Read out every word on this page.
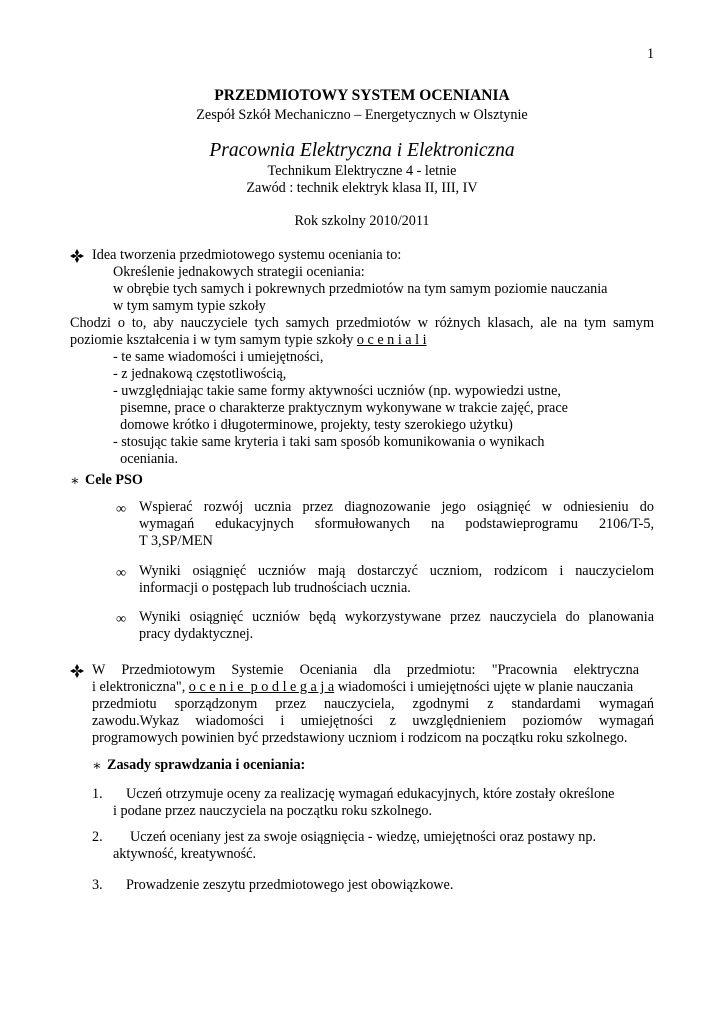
1
PRZEDMIOTOWY SYSTEM OCENIANIA
Zespół Szkół Mechaniczno – Energetycznych w Olsztynie
Pracownia Elektryczna i Elektroniczna
Technikum Elektryczne 4 - letnie
Zawód : technik elektryk klasa II, III, IV
Rok szkolny 2010/2011
Idea tworzenia przedmiotowego systemu oceniania to:
Określenie jednakowych strategii oceniania:
w obrębie tych samych i pokrewnych przedmiotów na tym samym poziomie nauczania
w tym samym typie szkoły
Chodzi o to, aby nauczyciele tych samych przedmiotów w różnych klasach, ale na tym samym
poziomie kształcenia i w tym samym typie szkoły o c e n i a l i
- te same wiadomości i umiejętności,
- z jednakową częstotliwością,
- uwzględniając takie same formy aktywności uczniów (np. wypowiedzi ustne,
pisemne, prace o charakterze praktycznym wykonywane w trakcie zajęć, prace
domowe krótko i długoterminowe, projekty, testy szerokiego użytku)
- stosując takie same kryteria i taki sam sposób komunikowania o wynikach
oceniania.
∗ Cele PSO
∞ Wspierać rozwój ucznia przez diagnozowanie jego osiągnięć w odniesieniu do
wymagań edukacyjnych sformułowanych na podstawieprogramu 2106/T-5,
T 3,SP/MEN
∞ Wyniki osiągnięć uczniów mają dostarczyć uczniom, rodzicom i nauczycielom
informacji o postępach lub trudnościach ucznia.
∞ Wyniki osiągnięć uczniów będą wykorzystywane przez nauczyciela do planowania
pracy dydaktycznej.
W Przedmiotowym Systemie Oceniania dla przedmiotu: "Pracownia elektryczna
i elektroniczna", o c e n i e  p o d l e g a j a wiadomości i umiejętności ujęte w planie nauczania
przedmiotu sporządzonym przez nauczyciela, zgodnymi z standardami wymagań
zawodu.Wykaz wiadomości i umiejętności z uwzględnieniem poziomów wymagań
programowych powinien być przedstawiony uczniom i rodzicom na początku roku szkolnego.
∗ Zasady sprawdzania i oceniania:
1. Uczeń otrzymuje oceny za realizację wymagań edukacyjnych, które zostały określone
i podane przez nauczyciela na początku roku szkolnego.
2. Uczeń oceniany jest za swoje osiągnięcia - wiedzę, umiejętności oraz postawy np.
aktywność, kreatywność.
3. Prowadzenie zeszytu przedmiotowego jest obowiązkowe.
